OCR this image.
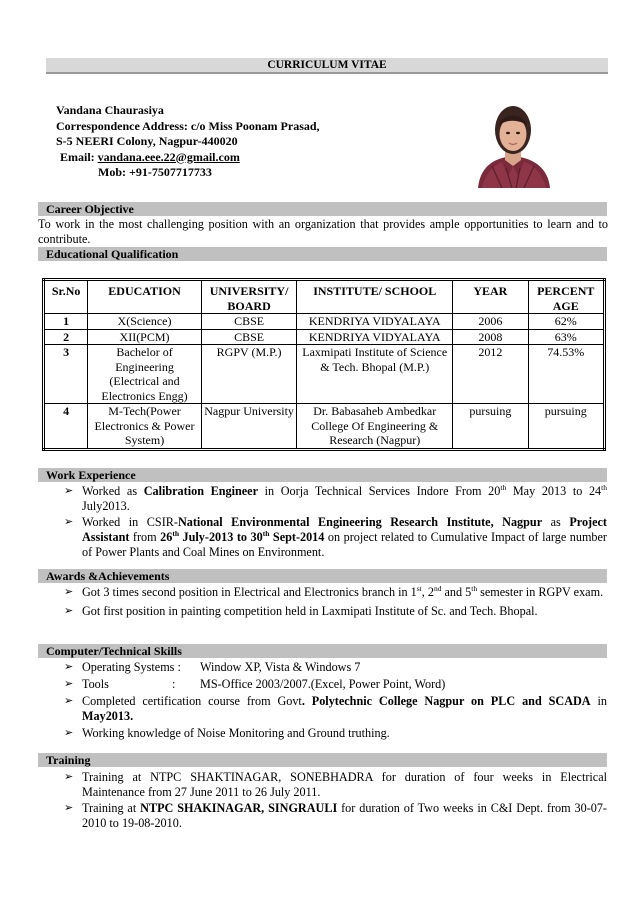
CURRICULUM VITAE
Vandana Chaurasiya
Correspondence Address: c/o Miss Poonam Prasad,
S-5 NEERI Colony, Nagpur-440020
Email: vandana.eee.22@gmail.com
Mob: +91-7507717733
Career Objective
To work in the most challenging position with an organization that provides ample opportunities to learn and to contribute.
Educational Qualification
Sr.No	EDUCATION	UNIVERSITY/ BOARD	INSTITUTE/ SCHOOL	YEAR	PERCENT AGE
1	X(Science)	CBSE	KENDRIYA VIDYALAYA	2006	62%
2	XII(PCM)	CBSE	KENDRIYA VIDYALAYA	2008	63%
3	Bachelor of Engineering (Electrical and Electronics Engg)	RGPV (M.P.)	Laxmipati Institute of Science & Tech. Bhopal (M.P.)	2012	74.53%
4	M-Tech(Power Electronics & Power System)	Nagpur University	Dr. Babasaheb Ambedkar College Of Engineering & Research (Nagpur)	pursuing	pursuing
Work Experience
➢ Worked as Calibration Engineer in Oorja Technical Services Indore From 20th May 2013 to 24th July2013.
➢ Worked in CSIR-National Environmental Engineering Research Institute, Nagpur as Project Assistant from 26th July-2013 to 30th Sept-2014 on project related to Cumulative Impact of large number of Power Plants and Coal Mines on Environment.
Awards &Achievements
➢ Got 3 times second position in Electrical and Electronics branch in 1st, 2nd and 5th semester in RGPV exam.
➢ Got first position in painting competition held in Laxmipati Institute of Sc. and Tech. Bhopal.
Computer/Technical Skills
➢ Operating Systems : Window XP, Vista & Windows 7
➢ Tools	: MS-Office 2003/2007.(Excel, Power Point, Word)
➢ Completed certification course from Govt. Polytechnic College Nagpur on PLC and SCADA in May2013.
➢ Working knowledge of Noise Monitoring and Ground truthing.
Training
➢ Training at NTPC SHAKTINAGAR, SONEBHADRA for duration of four weeks in Electrical Maintenance from 27 June 2011 to 26 July 2011.
➢ Training at NTPC SHAKINAGAR, SINGRAULI for duration of Two weeks in C&I Dept. from 30-07-2010 to 19-08-2010.
